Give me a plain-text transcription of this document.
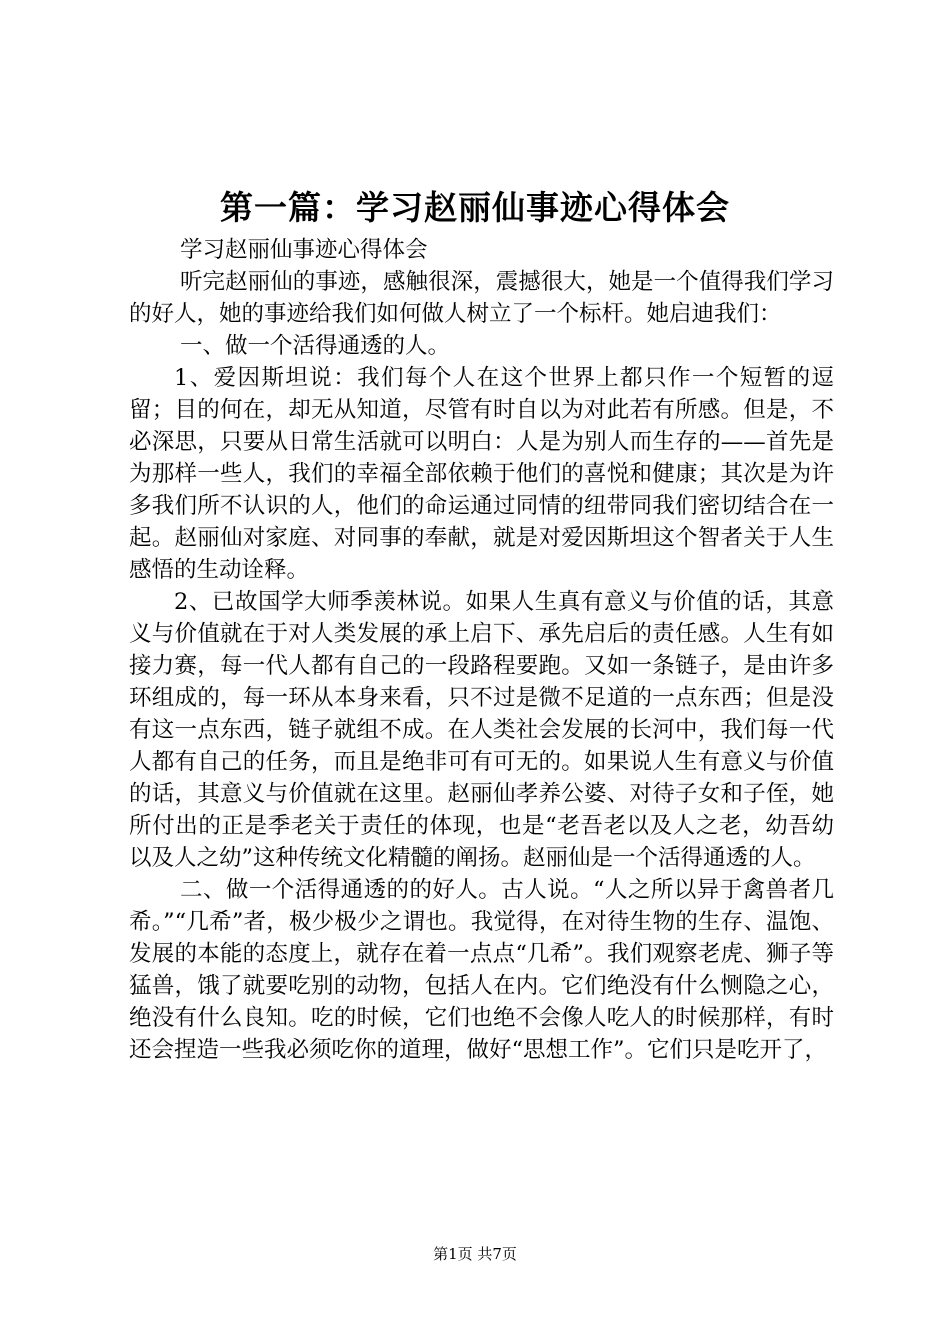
第一篇：学习赵丽仙事迹心得体会

学习赵丽仙事迹心得体会

听完赵丽仙的事迹，感触很深，震撼很大，她是一个值得我们学习的好人，她的事迹给我们如何做人树立了一个标杆。她启迪我们：

一、做一个活得通透的人。

1、爱因斯坦说：我们每个人在这个世界上都只作一个短暂的逗留；目的何在，却无从知道，尽管有时自以为对此若有所感。但是，不必深思，只要从日常生活就可以明白：人是为别人而生存的——首先是为那样一些人，我们的幸福全部依赖于他们的喜悦和健康；其次是为许多我们所不认识的人，他们的命运通过同情的纽带同我们密切结合在一起。赵丽仙对家庭、对同事的奉献，就是对爱因斯坦这个智者关于人生感悟的生动诠释。

2、已故国学大师季羡林说。如果人生真有意义与价值的话，其意义与价值就在于对人类发展的承上启下、承先启后的责任感。人生有如接力赛，每一代人都有自己的一段路程要跑。又如一条链子，是由许多环组成的，每一环从本身来看，只不过是微不足道的一点东西；但是没有这一点东西，链子就组不成。在人类社会发展的长河中，我们每一代人都有自己的任务，而且是绝非可有可无的。如果说人生有意义与价值的话，其意义与价值就在这里。赵丽仙孝养公婆、对待子女和子侄，她所付出的正是季老关于责任的体现，也是“老吾老以及人之老，幼吾幼以及人之幼”这种传统文化精髓的阐扬。赵丽仙是一个活得通透的人。

二、做一个活得通透的的好人。古人说。“人之所以异于禽兽者几希。”“几希”者，极少极少之谓也。我觉得，在对待生物的生存、温饱、发展的本能的态度上，就存在着一点点“几希”。我们观察老虎、狮子等猛兽，饿了就要吃别的动物，包括人在内。它们绝没有什么恻隐之心，绝没有什么良知。吃的时候，它们也绝不会像人吃人的时候那样，有时还会捏造一些我必须吃你的道理，做好“思想工作”。它们只是吃开了，

第1页 共7页
